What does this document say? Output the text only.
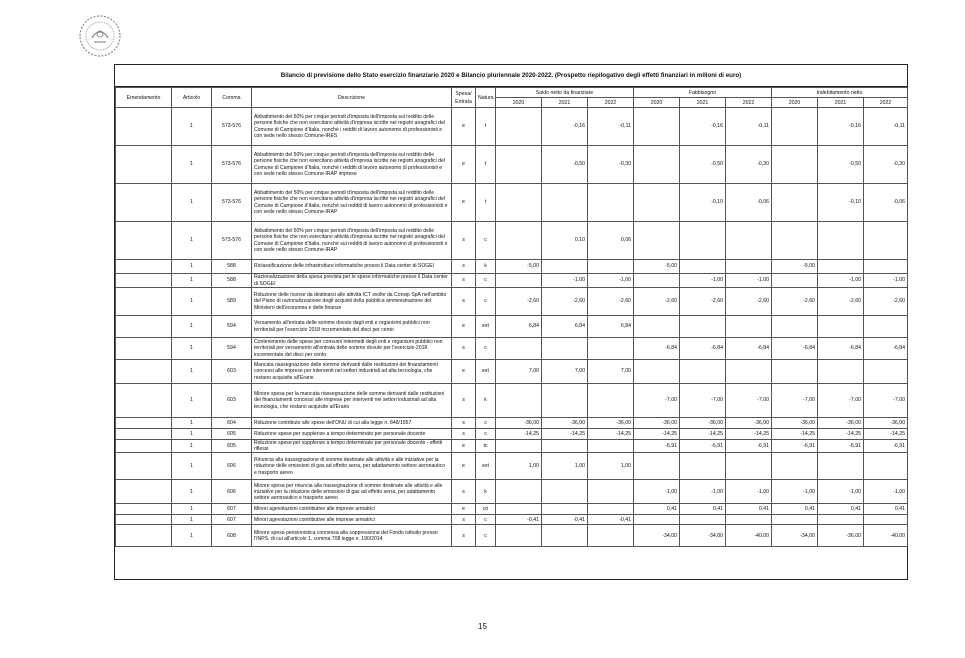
Bilancio di previsione dello Stato esercizio finanziario 2020 e Bilancio pluriennale 2020-2022. (Prospetto riepilogativo degli effetti finanziari in milioni di euro)
Emendamento	Articolo	Comma	Descrizione	Spesa/ Entrata	Natura	Saldo netto da finanziare			Fabbisogno			Indebitamento netto		
						2020	2021	2022	2020	2021	2022	2020	2021	2022
	1	573-576	Abbattimento del 50% per cinque periodi d'imposta dell'imposta sul reddito delle persone fisiche che non esercitano attività d'impresa iscritte nei registri anagrafici del Comune di Campione d'Italia, nonché i redditi di lavoro autonomo di professionisti e con sede nello stesso Comune-IRES	e	t		-0,16	-0,11		-0,16	-0,11		-0,16	-0,11
	1	573-576	Abbattimento del 50% per cinque periodi d'imposta dell'imposta sul reddito delle persone fisiche che non esercitano attività d'impresa iscritte nei registri anagrafici del Comune di Campione d'Italia, nonché i redditi di lavoro autonomo di professionisti e con sede nello stesso Comune-IRAP imprese	e	t		-0,50	-0,30		-0,50	-0,30		-0,50	-0,30
	1	573-576	Abbattimento del 50% per cinque periodi d'imposta dell'imposta sul reddito delle persone fisiche che non esercitano attività d'impresa iscritte nei registri anagrafici del Comune di Campione d'Italia, nonché sui redditi di lavoro autonomo di professionisti e con sede nello stesso Comune-IRAP	e	t					-0,10	-0,06		-0,10	-0,06
	1	573-576	Abbattimento del 50% per cinque periodi d'imposta dell'imposta sul reddito delle persone fisiche che non esercitano attività d'impresa iscritte nei registri anagrafici del Comune di Campione d'Italia, nonché sui redditi di lavoro autonomo di professionisti e con sede nello stesso Comune-IRAP	s	c		0,10	0,06						
	1	588	Riclassificazione delle infrastrutture informatiche presso il Data center di SOGEI	s	k	-5,00			-5,00			-5,00		
	1	588	Razionalizzazione della spesa prevista per le spese informatiche presso il Data center di SOGEI	s	c		-1,00	-1,00		-1,00	-1,00		-1,00	-1,00
	1	589	Riduzione delle risorse da destinarsi alle attività ICT svolte da Consip SpA nell'ambito del Piano di razionalizzazione degli acquisti della pubblica amministrazione del Ministero dell'economia e delle finanze	s	c	-2,60	-2,60	-2,60	-2,60	-2,60	-2,60	-2,60	-2,60	-2,60
	1	594	Versamento all'entrata delle somme dovute dagli enti e organismi pubblici non territoriali per l'esercizio 2018 incrementate del dieci per cento	e	ext	6,84	6,84	6,84						
	1	594	Contenimento delle spese per consumi intermedi degli enti e organismi pubblici non territoriali per versamento all'entrata delle somme dovute per l'esercizio 2018 incrementate del dieci per cento	s	c				-6,84	-6,84	-6,84	-6,84	-6,84	-6,84
	1	603	Mancata riassegnazione delle somme derivanti dalle restituzioni dei finanziamenti concessi alle imprese per interventi nei settori industriali ad alta tecnologia, che restano acquisite all'Erario	e	ext	7,00	7,00	7,00						
	1	603	Minore spesa per la mancata riassegnazione delle somme derivanti dalle restituzioni dei finanziamenti concessi alle imprese per interventi nei settori industriali ad alta tecnologia, che restano acquisite all'Erario	s	k				-7,00	-7,00	-7,00	-7,00	-7,00	-7,00
	1	604	Riduzione contributo alle spese dell'ONU di cui alla legge n. 848/1957	s	c	-36,00	-36,00	-36,00	-36,00	-36,00	-36,00	-36,00	-36,00	-36,00
	1	605	Riduzione spese per supplenze a tempo determinato per personale docente	s	c	-14,25	-14,25	-14,25	-14,25	-14,25	-14,25	-14,25	-14,25	-14,25
	1	605	Riduzione spese per supplenze a tempo determinato per personale docente - effetti riflessi	e	tc				-6,91	-6,91	-6,91	-6,91	-6,91	-6,91
	1	606	Rinuncia alla riassegnazione di somme destinate alle attività e alle iniziative per la riduzione delle emissioni di gas ad effetto serra, per adattamento settore aeronautico e trasporto aereo	e	ext	1,00	1,00	1,00						
	1	606	Minore spesa per rinuncia alla riassegnazione di somme destinate alle attività e alle iniziative per la riduzione delle emissioni di gas ad effetto serra, per adattamento settore aeronautico e trasporto aereo	s	k				-1,00	-1,00	-1,00	-1,00	-1,00	-1,00
	1	607	Minori agevolazioni contributive alle imprese armatrici	e	co				0,41	0,41	0,41	0,41	0,41	0,41
	1	607	Minori agevolazioni contributive alle imprese armatrici	s	c	-0,41	-0,41	-0,41						
	1	608	Minore spesa pensionistica connessa alla soppressione del Fondo istituito presso l'INPS, di cui all'articolo 1, comma 708 legge n. 190/2014	s	c				-34,00	-34,00	-40,00	-34,00	-36,00	-40,00
15
